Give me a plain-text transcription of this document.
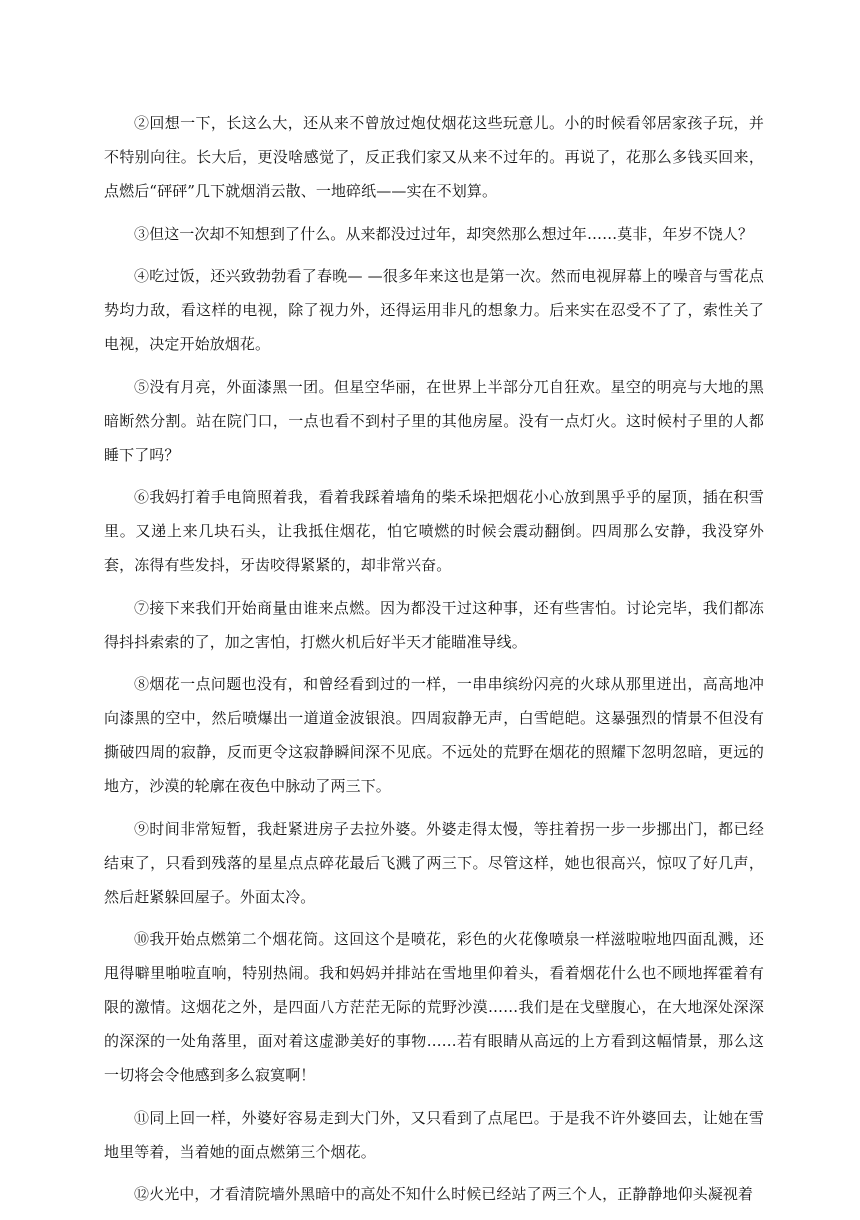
②回想一下，长这么大，还从来不曾放过炮仗烟花这些玩意儿。小的时候看邻居家孩子玩，并不特别向往。长大后，更没啥感觉了，反正我们家又从来不过年的。再说了，花那么多钱买回来，点燃后“砰砰”几下就烟消云散、一地碎纸——实在不划算。

③但这一次却不知想到了什么。从来都没过过年，却突然那么想过年……莫非，年岁不饶人？

④吃过饭，还兴致勃勃看了春晚— —很多年来这也是第一次。然而电视屏幕上的噪音与雪花点势均力敌，看这样的电视，除了视力外，还得运用非凡的想象力。后来实在忍受不了了，索性关了电视，决定开始放烟花。

⑤没有月亮，外面漆黑一团。但星空华丽，在世界上半部分兀自狂欢。星空的明亮与大地的黑暗断然分割。站在院门口，一点也看不到村子里的其他房屋。没有一点灯火。这时候村子里的人都睡下了吗？

⑥我妈打着手电筒照着我，看着我踩着墙角的柴禾垛把烟花小心放到黑乎乎的屋顶，插在积雪里。又递上来几块石头，让我抵住烟花，怕它喷燃的时候会震动翻倒。四周那么安静，我没穿外套，冻得有些发抖，牙齿咬得紧紧的，却非常兴奋。

⑦接下来我们开始商量由谁来点燃。因为都没干过这种事，还有些害怕。讨论完毕，我们都冻得抖抖索索的了，加之害怕，打燃火机后好半天才能瞄准导线。

⑧烟花一点问题也没有，和曾经看到过的一样，一串串缤纷闪亮的火球从那里迸出，高高地冲向漆黑的空中，然后喷爆出一道道金波银浪。四周寂静无声，白雪皑皑。这暴强烈的情景不但没有撕破四周的寂静，反而更令这寂静瞬间深不见底。不远处的荒野在烟花的照耀下忽明忽暗，更远的地方，沙漠的轮廓在夜色中脉动了两三下。

⑨时间非常短暂，我赶紧进房子去拉外婆。外婆走得太慢，等拄着拐一步一步挪出门，都已经结束了，只看到残落的星星点点碎花最后飞溅了两三下。尽管这样，她也很高兴，惊叹了好几声，然后赶紧躲回屋子。外面太冷。

⑩我开始点燃第二个烟花筒。这回这个是喷花，彩色的火花像喷泉一样滋啦啦地四面乱溅，还甩得噼里啪啦直响，特别热闹。我和妈妈并排站在雪地里仰着头，看着烟花什么也不顾地挥霍着有限的激情。这烟花之外，是四面八方茫茫无际的荒野沙漠……我们是在戈壁腹心，在大地深处深深的深深的一处角落里，面对着这虚渺美好的事物……若有眼睛从高远的上方看到这幅情景，那么这一切将会令他感到多么寂寞啊！

⑪同上回一样，外婆好容易走到大门外，又只看到了点尾巴。于是我不许外婆回去，让她在雪地里等着，当着她的面点燃第三个烟花。

⑫火光中，才看清院墙外黑暗中的高处不知什么时候已经站了两三个人，正静静地仰头凝视着
